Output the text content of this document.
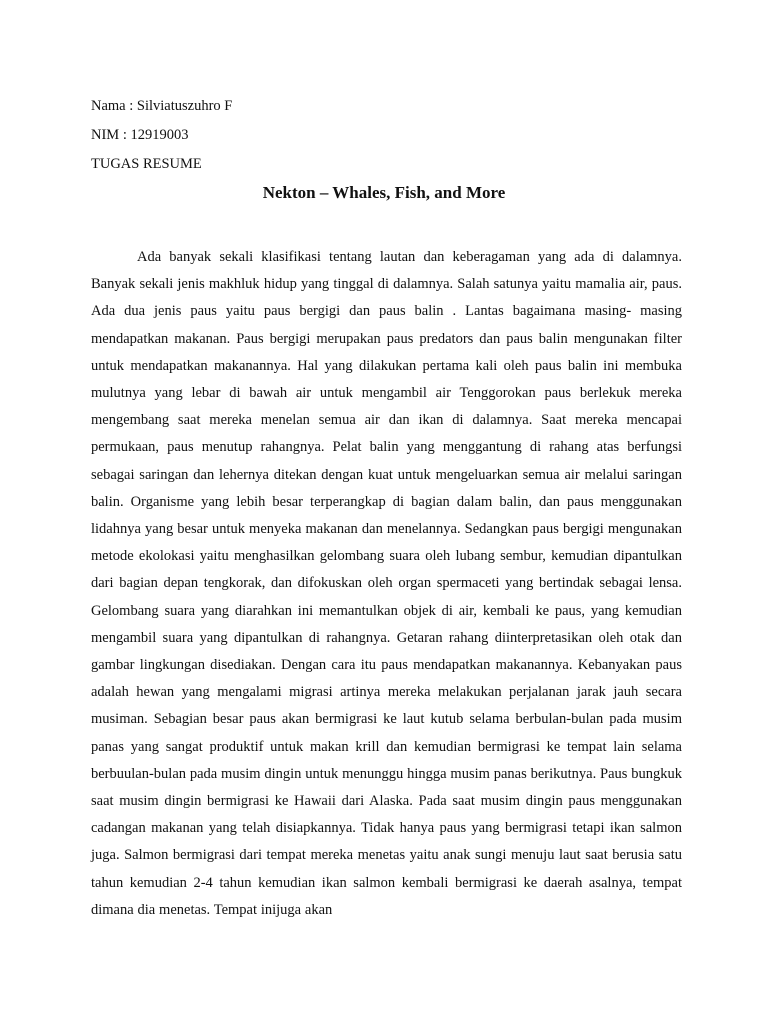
Nama : Silviatuszuhro F
NIM : 12919003
TUGAS RESUME
Nekton – Whales, Fish, and More

Ada banyak sekali klasifikasi tentang lautan dan keberagaman yang ada di dalamnya. Banyak sekali jenis makhluk hidup yang tinggal di dalamnya. Salah satunya yaitu mamalia air, paus. Ada dua jenis paus yaitu paus bergigi dan paus balin . Lantas bagaimana masing- masing mendapatkan makanan. Paus bergigi merupakan paus predators dan paus balin mengunakan filter untuk mendapatkan makanannya. Hal yang dilakukan pertama kali oleh paus balin ini membuka mulutnya yang lebar di bawah air untuk mengambil air Tenggorokan paus berlekuk mereka mengembang saat mereka menelan semua air dan ikan di dalamnya. Saat mereka mencapai permukaan, paus menutup rahangnya. Pelat balin yang menggantung di rahang atas berfungsi sebagai saringan dan lehernya ditekan dengan kuat untuk mengeluarkan semua air melalui saringan balin. Organisme yang lebih besar terperangkap di bagian dalam balin, dan paus menggunakan lidahnya yang besar untuk menyeka makanan dan menelannya. Sedangkan paus bergigi mengunakan metode ekolokasi yaitu menghasilkan gelombang suara oleh lubang sembur, kemudian dipantulkan dari bagian depan tengkorak, dan difokuskan oleh organ spermaceti yang bertindak sebagai lensa. Gelombang suara yang diarahkan ini memantulkan objek di air, kembali ke paus, yang kemudian mengambil suara yang dipantulkan di rahangnya. Getaran rahang diinterpretasikan oleh otak dan gambar lingkungan disediakan. Dengan cara itu paus mendapatkan makanannya. Kebanyakan paus adalah hewan yang mengalami migrasi artinya mereka melakukan perjalanan jarak jauh secara musiman. Sebagian besar paus akan bermigrasi ke laut kutub selama berbulan-bulan pada musim panas yang sangat produktif untuk makan krill dan kemudian bermigrasi ke tempat lain selama berbuulan-bulan pada musim dingin untuk menunggu hingga musim panas berikutnya. Paus bungkuk saat musim dingin bermigrasi ke Hawaii dari Alaska. Pada saat musim dingin paus menggunakan cadangan makanan yang telah disiapkannya. Tidak hanya paus yang bermigrasi tetapi ikan salmon juga. Salmon bermigrasi dari tempat mereka menetas yaitu anak sungi menuju laut saat berusia satu tahun kemudian 2-4 tahun kemudian ikan salmon kembali bermigrasi ke daerah asalnya, tempat dimana dia menetas. Tempat inijuga akan
